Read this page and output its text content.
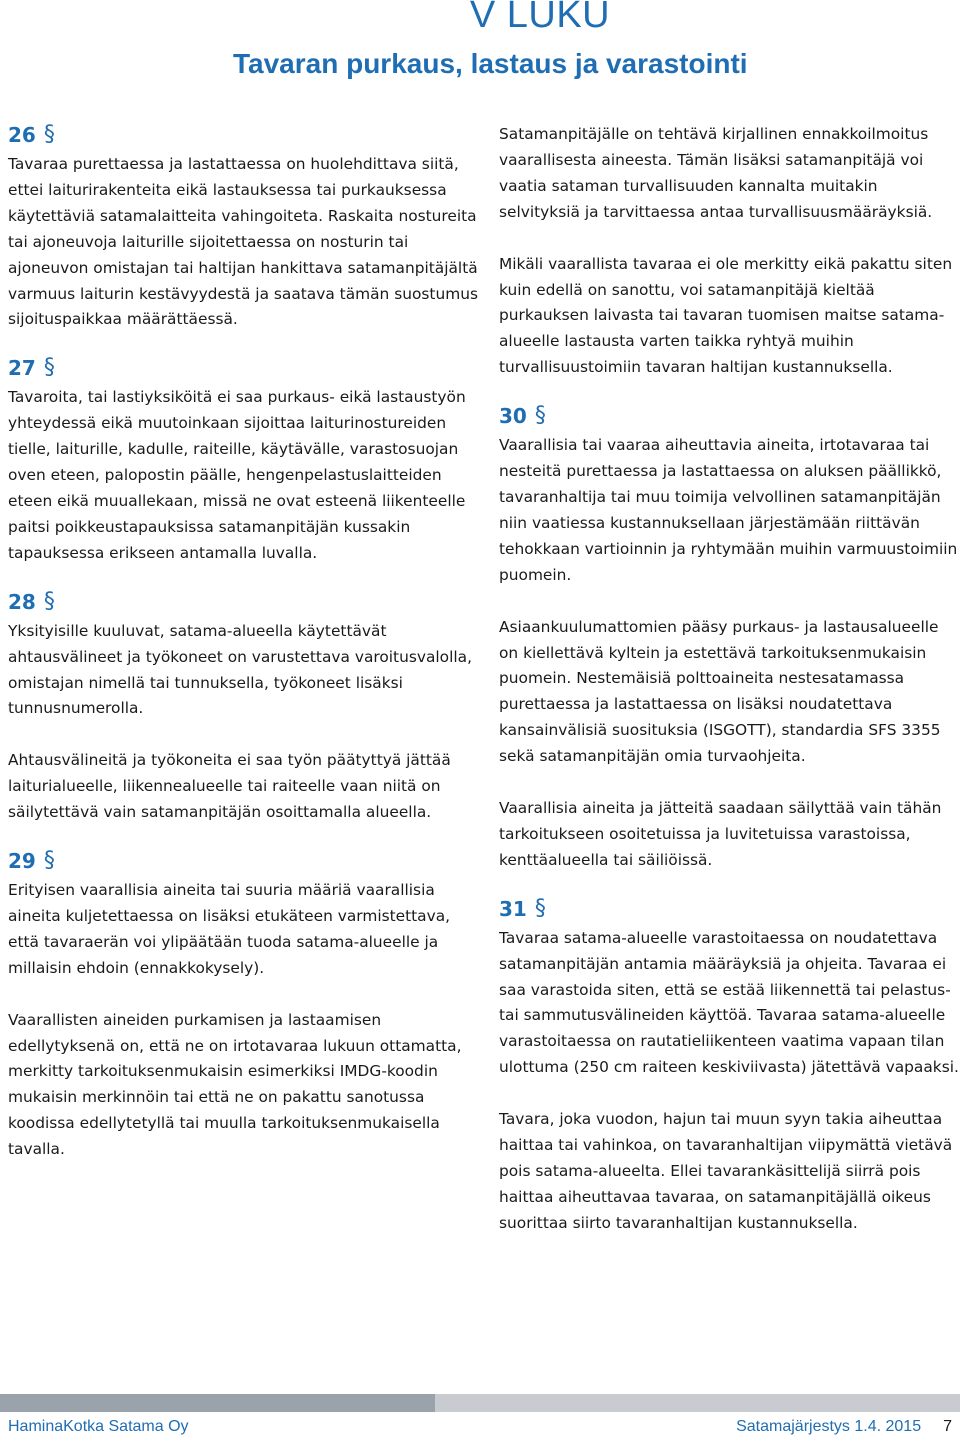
V LUKU
Tavaran purkaus, lastaus ja varastointi
26 §

Tavaraa purettaessa ja lastattaessa on huolehdittava siitä, ettei laiturirakenteita eikä lastauksessa tai purkauksessa käytettäviä satamalaitteita vahingoiteta. Raskaita nostureita tai ajoneuvoja laiturille sijoitettaessa on nosturin tai ajoneuvon omistajan tai haltijan hankittava satamanpitäjältä varmuus laiturin kestävyydestä ja saatava tämän suostumus sijoituspaikkaa määrättäessä.

27 §

Tavaroita, tai lastiyksiköitä ei saa purkaus- eikä lastaustyön yhteydessä eikä muutoinkaan sijoittaa laiturinostureiden tielle, laiturille, kadulle, raiteille, käytävälle, varastosuojan oven eteen, palopostin päälle, hengenpelastuslaitteiden eteen eikä muuallekaan, missä ne ovat esteenä liikenteelle paitsi poikkeustapauksissa satamanpitäjän kussakin tapauksessa erikseen antamalla luvalla.

28 §

Yksityisille kuuluvat, satama-alueella käytettävät ahtausvälineet ja työkoneet on varustettava varoitusvalolla, omistajan nimellä tai tunnuksella, työkoneet lisäksi tunnusnumerolla.

Ahtausvälineitä ja työkoneita ei saa työn päätyttyä jättää laiturialueelle, liikennealueelle tai raiteelle vaan niitä on säilytettävä vain satamanpitäjän osoittamalla alueella.

29 §

Erityisen vaarallisia aineita tai suuria määriä vaarallisia aineita kuljetettaessa on lisäksi etukäteen varmistettava, että tavaraerän voi ylipäätään tuoda satama-alueelle ja millaisin ehdoin (ennakkokysely).

Vaarallisten aineiden purkamisen ja lastaamisen edellytyksenä on, että ne on irtotavaraa lukuun ottamatta, merkitty tarkoituksenmukaisin esimerkiksi IMDG-koodin mukaisin merkinnöin tai että ne on pakattu sanotussa koodissa edellytetyllä tai muulla tarkoituksenmukaisella tavalla.

Satamanpitäjälle on tehtävä kirjallinen ennakkoilmoitus vaarallisesta aineesta. Tämän lisäksi satamanpitäjä voi vaatia sataman turvallisuuden kannalta muitakin selvityksiä ja tarvittaessa antaa turvallisuusmääräyksiä.

Mikäli vaarallista tavaraa ei ole merkitty eikä pakattu siten kuin edellä on sanottu, voi satamanpitäjä kieltää purkauksen laivasta tai tavaran tuomisen maitse satama-alueelle lastausta varten taikka ryhtyä muihin turvallisuustoimiin tavaran haltijan kustannuksella.

30 §

Vaarallisia tai vaaraa aiheuttavia aineita, irtotavaraa tai nesteitä purettaessa ja lastattaessa on aluksen päällikkö, tavaranhaltija tai muu toimija velvollinen satamanpitäjän niin vaatiessa kustannuksellaan järjestämään riittävän tehokkaan vartioinnin ja ryhtymään muihin varmuustoimiin puomein.

Asiaankuulumattomien pääsy purkaus- ja lastausalueelle on kiellettävä kyltein ja estettävä tarkoituksenmukaisin puomein. Nestemäisiä polttoaineita nestesatamassa purettaessa ja lastattaessa on lisäksi noudatettava kansainvälisiä suosituksia (ISGOTT), standardia SFS 3355 sekä satamanpitäjän omia turvaohjeita.

Vaarallisia aineita ja jätteitä saadaan säilyttää vain tähän tarkoitukseen osoitetuissa ja luvitetuissa varastoissa, kenttäalueella tai säiliöissä.

31 §

Tavaraa satama-alueelle varastoitaessa on noudatettava satamanpitäjän antamia määräyksiä ja ohjeita. Tavaraa ei saa varastoida siten, että se estää liikennettä tai pelastus- tai sammutusvälineiden käyttöä. Tavaraa satama-alueelle varastoitaessa on rautatieliikenteen vaatima vapaan tilan ulottuma (250 cm raiteen keskiviivasta) jätettävä vapaaksi.

Tavara, joka vuodon, hajun tai muun syyn takia aiheuttaa haittaa tai vahinkoa, on tavaranhaltijan viipymättä vietävä pois satama-alueelta. Ellei tavarankäsittelijä siirrä pois haittaa aiheuttavaa tavaraa, on satamanpitäjällä oikeus suorittaa siirto tavaranhaltijan kustannuksella.

HaminaKotka Satama Oy	Satamajärjestys 1.4. 2015 7
